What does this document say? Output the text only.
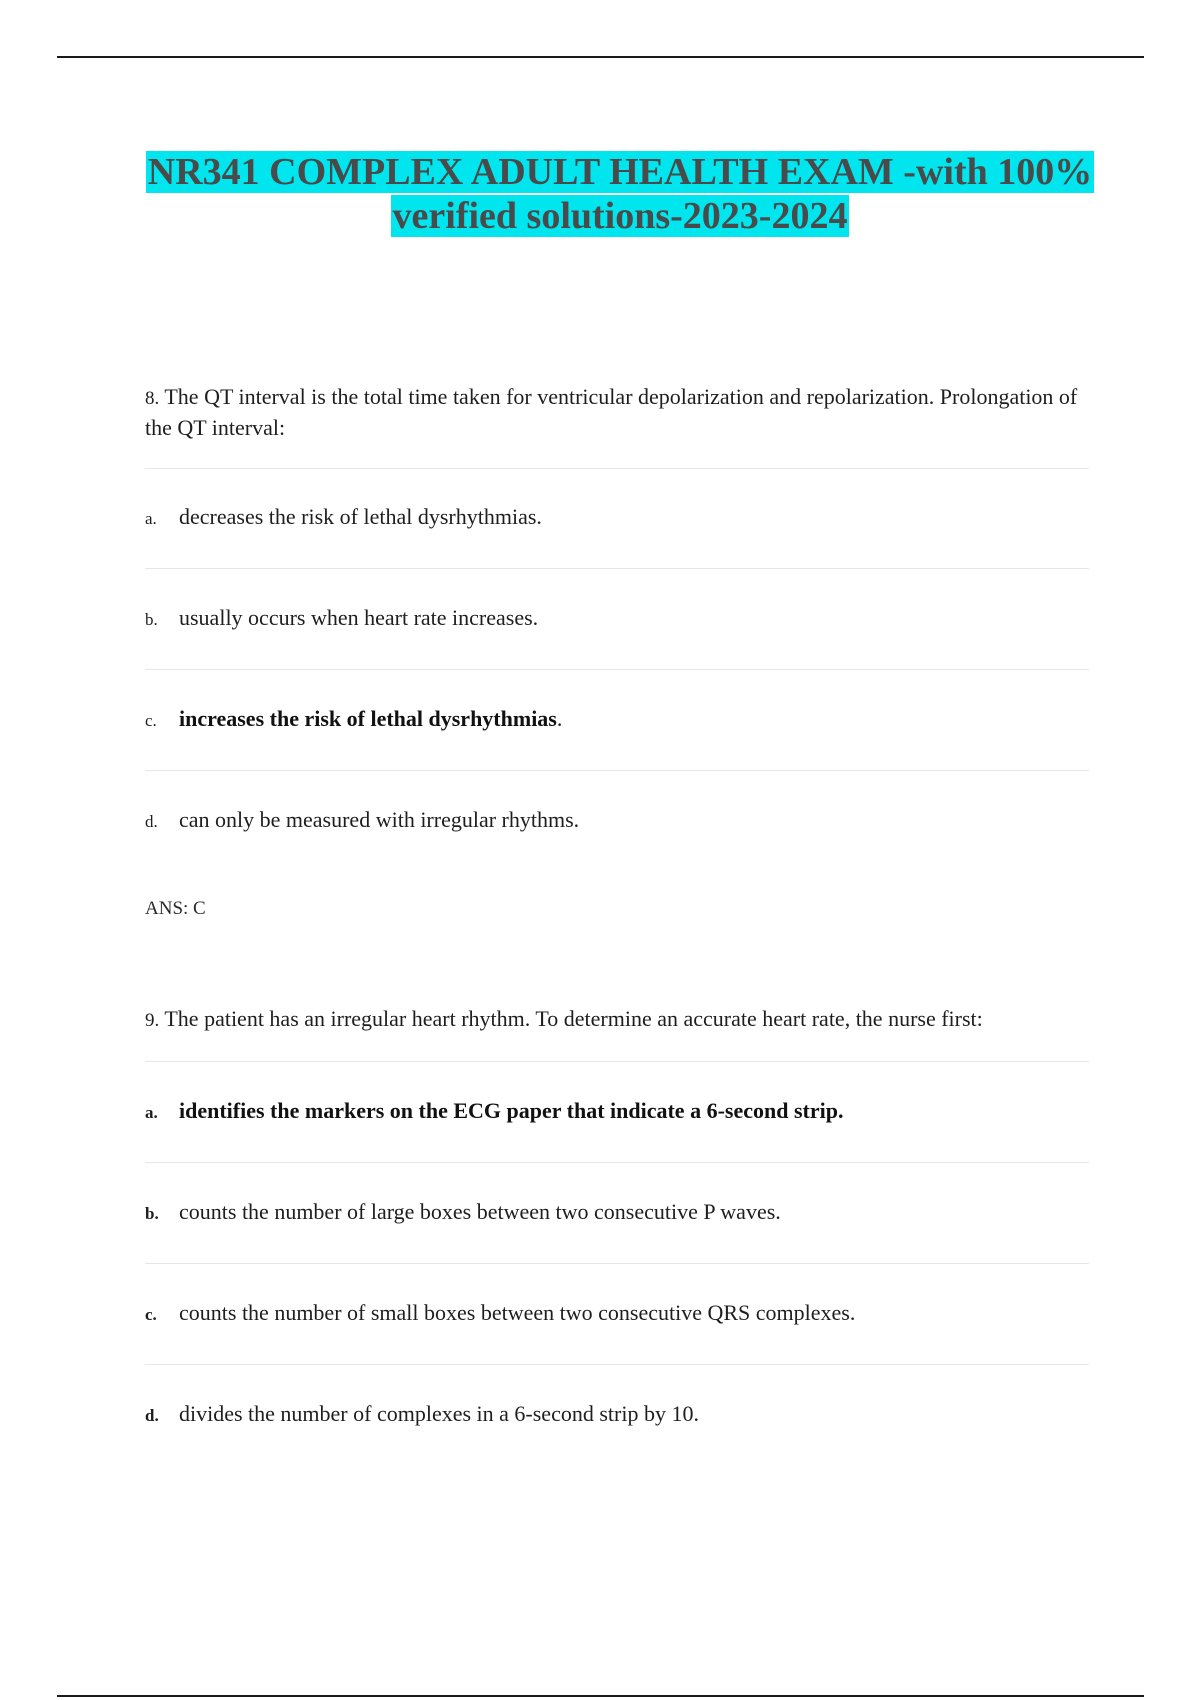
NR341 COMPLEX ADULT HEALTH EXAM -with 100%
verified solutions-2023-2024
8. The QT interval is the total time taken for ventricular depolarization and repolarization. Prolongation of the QT interval:
a. decreases the risk of lethal dysrhythmias.
b. usually occurs when heart rate increases.
c. increases the risk of lethal dysrhythmias.
d. can only be measured with irregular rhythms.
ANS: C
9. The patient has an irregular heart rhythm. To determine an accurate heart rate, the nurse first:
a. identifies the markers on the ECG paper that indicate a 6-second strip.
b. counts the number of large boxes between two consecutive P waves.
c. counts the number of small boxes between two consecutive QRS complexes.
d. divides the number of complexes in a 6-second strip by 10.
